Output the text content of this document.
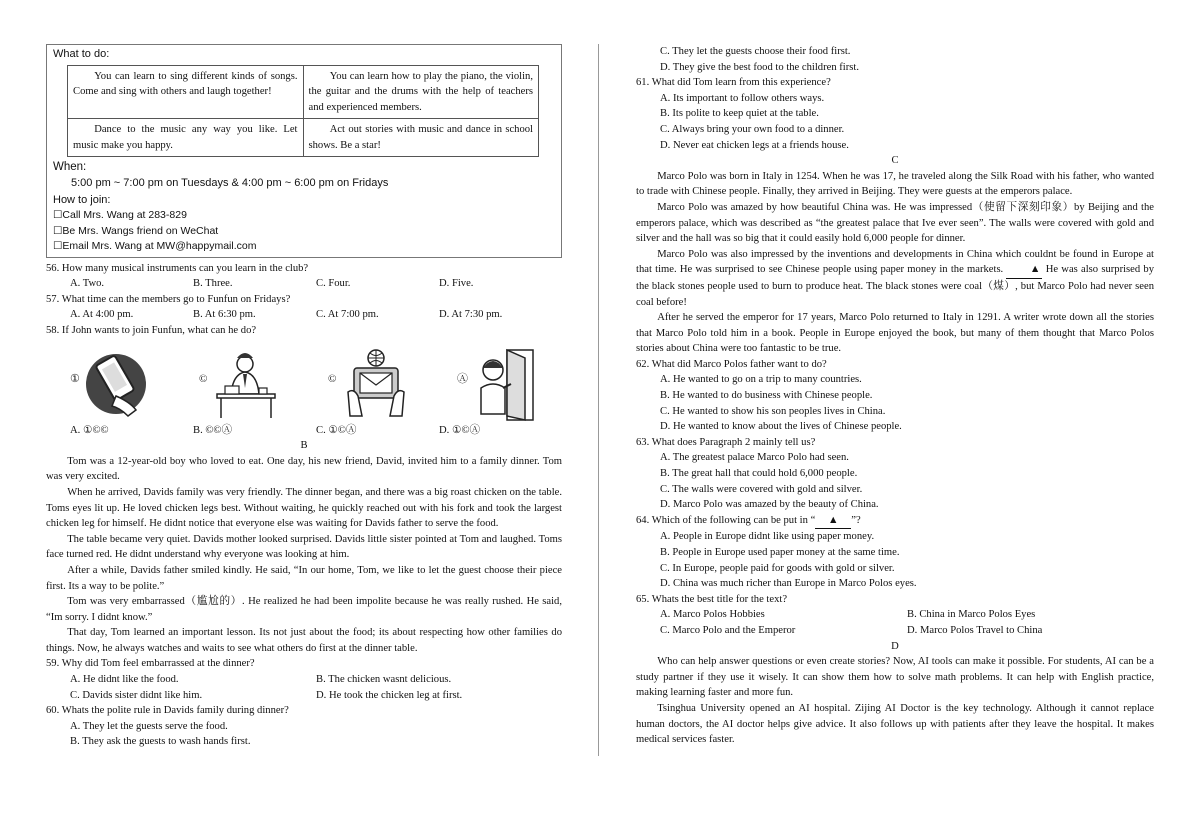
What to do:

You can learn to sing different kinds of songs. Come and sing with others and laugh together!	You can learn how to play the piano, the violin, the guitar and the drums with the help of teachers and experienced members.

Dance to the music any way you like. Let music make you happy.	Act out stories with music and dance in school shows. Be a star!

When:
5:00 pm ~ 7:00 pm on Tuesdays & 4:00 pm ~ 6:00 pm on Fridays
How to join:
☐Call Mrs. Wang at 283-829
☐Be Mrs. Wangs friend on WeChat
☐Email Mrs. Wang at MW@happymail.com

56. How many musical instruments can you learn in the club?

A. Two.	B. Three.	C. Four.	D. Five.

57. What time can the members go to Funfun on Fridays?

A. At 4:00 pm.	B. At 6:30 pm.	C. At 7:00 pm.	D. At 7:30 pm.

58. If John wants to join Funfun, what can he do?

①	©	©	Ⓐ
A. ①©©	B. ©©Ⓐ	C. ①©Ⓐ	D. ①©Ⓐ
B

Tom was a 12-year-old boy who loved to eat. One day, his new friend, David, invited him to a family dinner. Tom was very excited.

When he arrived, Davids family was very friendly. The dinner began, and there was a big roast chicken on the table. Toms eyes lit up. He loved chicken legs best. Without waiting, he quickly reached out with his fork and took the largest chicken leg for himself. He didnt notice that everyone else was waiting for Davids father to serve the food.

The table became very quiet. Davids mother looked surprised. Davids little sister pointed at Tom and laughed. Toms face turned red. He didnt understand why everyone was looking at him.

After a while, Davids father smiled kindly. He said, “In our home, Tom, we like to let the guest choose their piece first. Its a way to be polite.”

Tom was very embarrassed（尴尬的）. He realized he had been impolite because he was really rushed. He said, “Im sorry. I didnt know.”

That day, Tom learned an important lesson. Its not just about the food; its about respecting how other families do things. Now, he always watches and waits to see what others do first at the dinner table.

59. Why did Tom feel embarrassed at the dinner?

A. He didnt like the food.	B. The chicken wasnt delicious.
C. Davids sister didnt like him.	D. He took the chicken leg at first.

60. Whats the polite rule in Davids family during dinner?

A. They let the guests serve the food.
B. They ask the guests to wash hands first.
C. They let the guests choose their food first.
D. They give the best food to the children first.

61. What did Tom learn from this experience?

A. Its important to follow others ways.
B. Its polite to keep quiet at the table.
C. Always bring your own food to a dinner.
D. Never eat chicken legs at a friends house.
C

Marco Polo was born in Italy in 1254. When he was 17, he traveled along the Silk Road with his father, who wanted to trade with Chinese people. Finally, they arrived in Beijing. They were guests at the emperors palace.

Marco Polo was amazed by how beautiful China was. He was impressed（使留下深刻印象）by Beijing and the emperors palace, which was described as “the greatest palace that Ive ever seen”. The walls were covered with gold and silver and the hall was so big that it could easily hold 6,000 people for dinner.

Marco Polo was also impressed by the inventions and developments in China which couldnt be found in Europe at that time. He was surprised to see Chinese people using paper money in the markets.	▲ He was also surprised by the black stones people used to burn to produce heat. The black stones were coal（煤）, but Marco Polo had never seen coal before!

After he served the emperor for 17 years, Marco Polo returned to Italy in 1291. A writer wrote down all the stories that Marco Polo told him in a book. People in Europe enjoyed the book, but many of them thought that Marco Polos stories about China were too fantastic to be true.

62. What did Marco Polos father want to do?

A. He wanted to go on a trip to many countries.
B. He wanted to do business with Chinese people.
C. He wanted to show his son peoples lives in China.
D. He wanted to know about the lives of Chinese people.

63. What does Paragraph 2 mainly tell us?

A. The greatest palace Marco Polo had seen.
B. The great hall that could hold 6,000 people.
C. The walls were covered with gold and silver.
D. Marco Polo was amazed by the beauty of China.

64. Which of the following can be put in “ ▲ ”?

A. People in Europe didnt like using paper money.
B. People in Europe used paper money at the same time.
C. In Europe, people paid for goods with gold or silver.
D. China was much richer than Europe in Marco Polos eyes.

65. Whats the best title for the text?

A. Marco Polos Hobbies	B. China in Marco Polos Eyes
C. Marco Polo and the Emperor	D. Marco Polos Travel to China
D

Who can help answer questions or even create stories? Now, AI tools can make it possible. For students, AI can be a study partner if they use it wisely. It can show them how to solve math problems. It can help with English practice, making learning faster and more fun.

Tsinghua University opened an AI hospital. Zijing AI Doctor is the key technology. Although it cannot replace human doctors, the AI doctor helps give advice. It also follows up with patients after they leave the hospital. It makes medical services faster.
